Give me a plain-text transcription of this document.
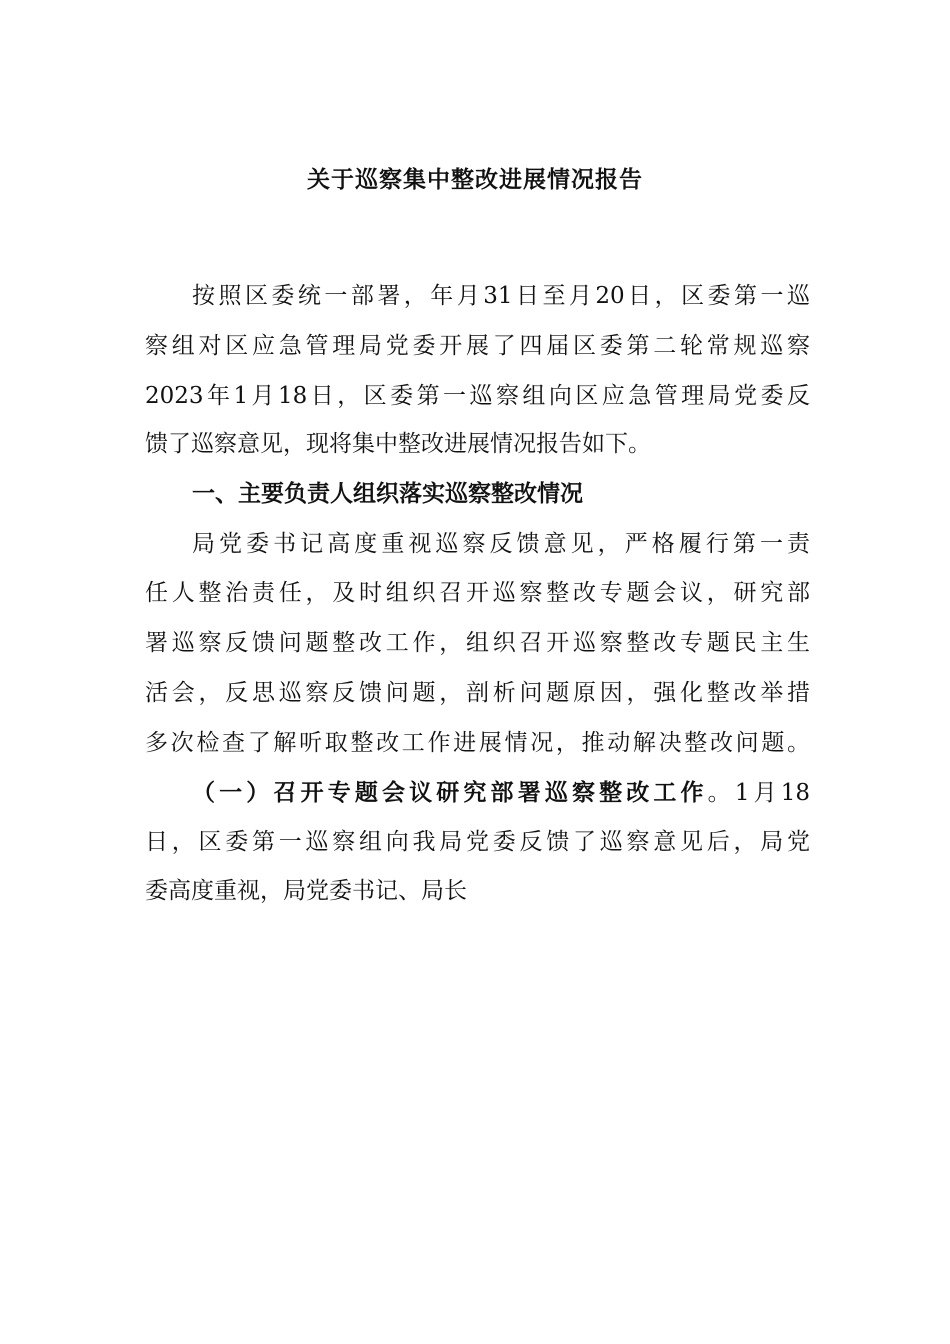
关于巡察集中整改进展情况报告
按照区委统一部署，年月31日至月20日，区委第一巡
察组对区应急管理局党委开展了四届区委第二轮常规巡察
2023年1月18日，区委第一巡察组向区应急管理局党委反
馈了巡察意见，现将集中整改进展情况报告如下。
一、主要负责人组织落实巡察整改情况
局党委书记高度重视巡察反馈意见，严格履行第一责
任人整治责任，及时组织召开巡察整改专题会议，研究部
署巡察反馈问题整改工作，组织召开巡察整改专题民主生
活会，反思巡察反馈问题，剖析问题原因，强化整改举措
多次检查了解听取整改工作进展情况，推动解决整改问题。
（一）召开专题会议研究部署巡察整改工作。1月18
日，区委第一巡察组向我局党委反馈了巡察意见后，局党
委高度重视，局党委书记、局长
